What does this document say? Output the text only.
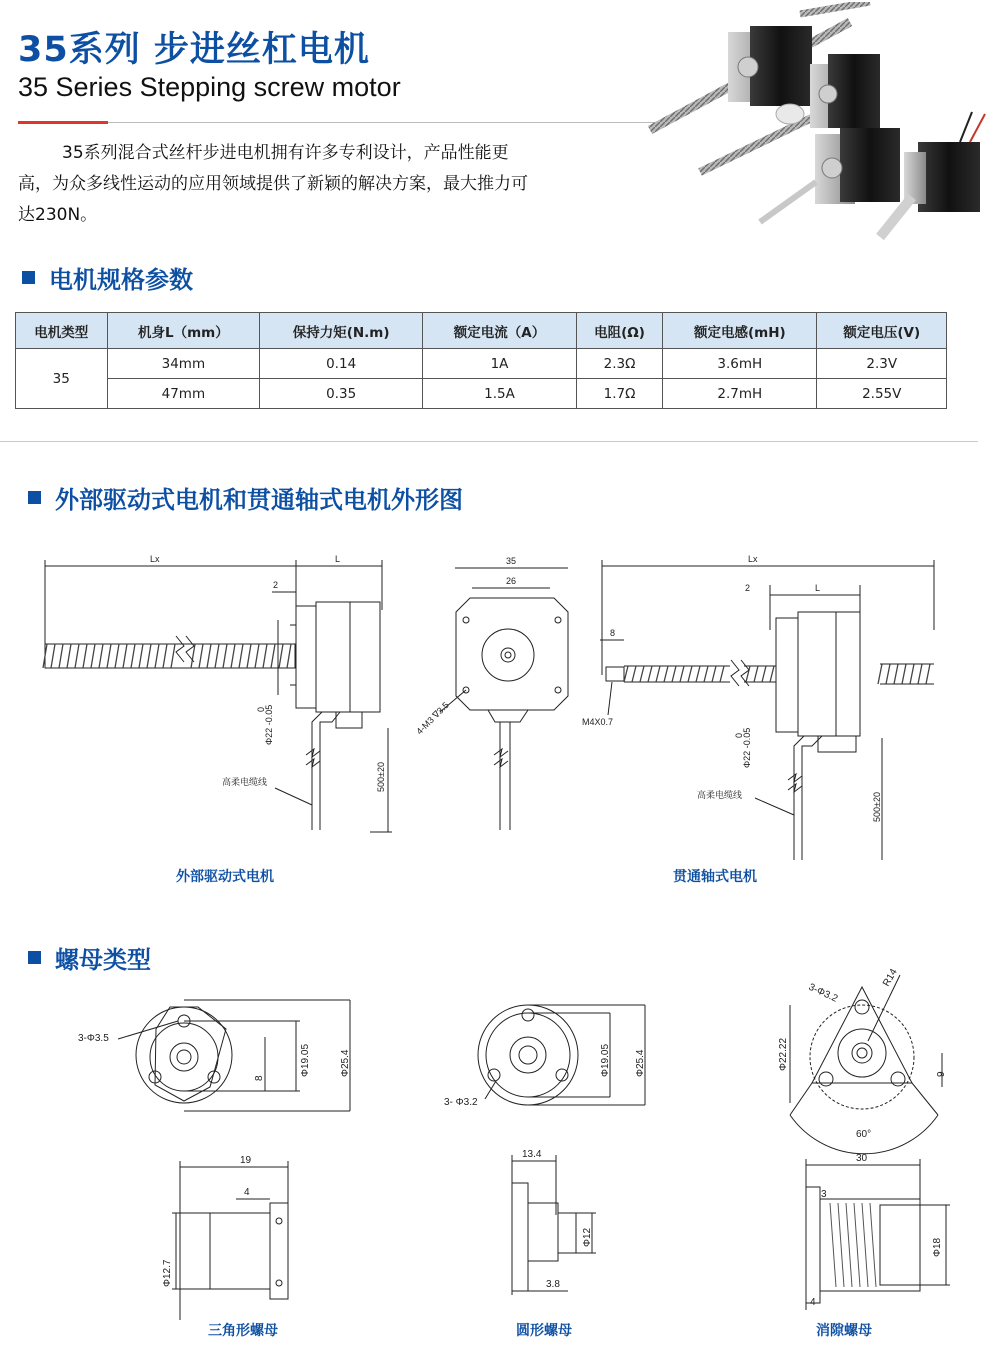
35系列 步进丝杠电机
35 Series Stepping screw motor
35系列混合式丝杆步进电机拥有许多专利设计，产品性能更高，为众多线性运动的应用领域提供了新颖的解决方案，最大推力可达230N。
电机规格参数
电机类型	机身L（mm）	保持力矩(N.m)	额定电流（A）	电阻(Ω)	额定电感(mH)	额定电压(V)
35	34mm	0.14	1A	2.3Ω	3.6mH	2.3V
	47mm	0.35	1.5A	1.7Ω	2.7mH	2.55V
外部驱动式电机和贯通轴式电机外形图
Lx	L
2
500±20
高柔电缆线
Φ22 -0.05
0
35
26
4-M3 ∇3.5
Lx
L
2
8
M4X0.7
500±20
高柔电缆线
Φ22 -0.05
0
外部驱动式电机	贯通轴式电机
螺母类型
3-Φ3.5
8
Φ19.05	Φ25.4
3- Φ3.2
Φ19.05 Φ25.4
60°
3-Φ3.2
R14
Φ22.22
9
19
4
Φ12.7
13.4
Φ12
3.8
30
3
Φ18
4
三角形螺母	圆形螺母	消隙螺母
